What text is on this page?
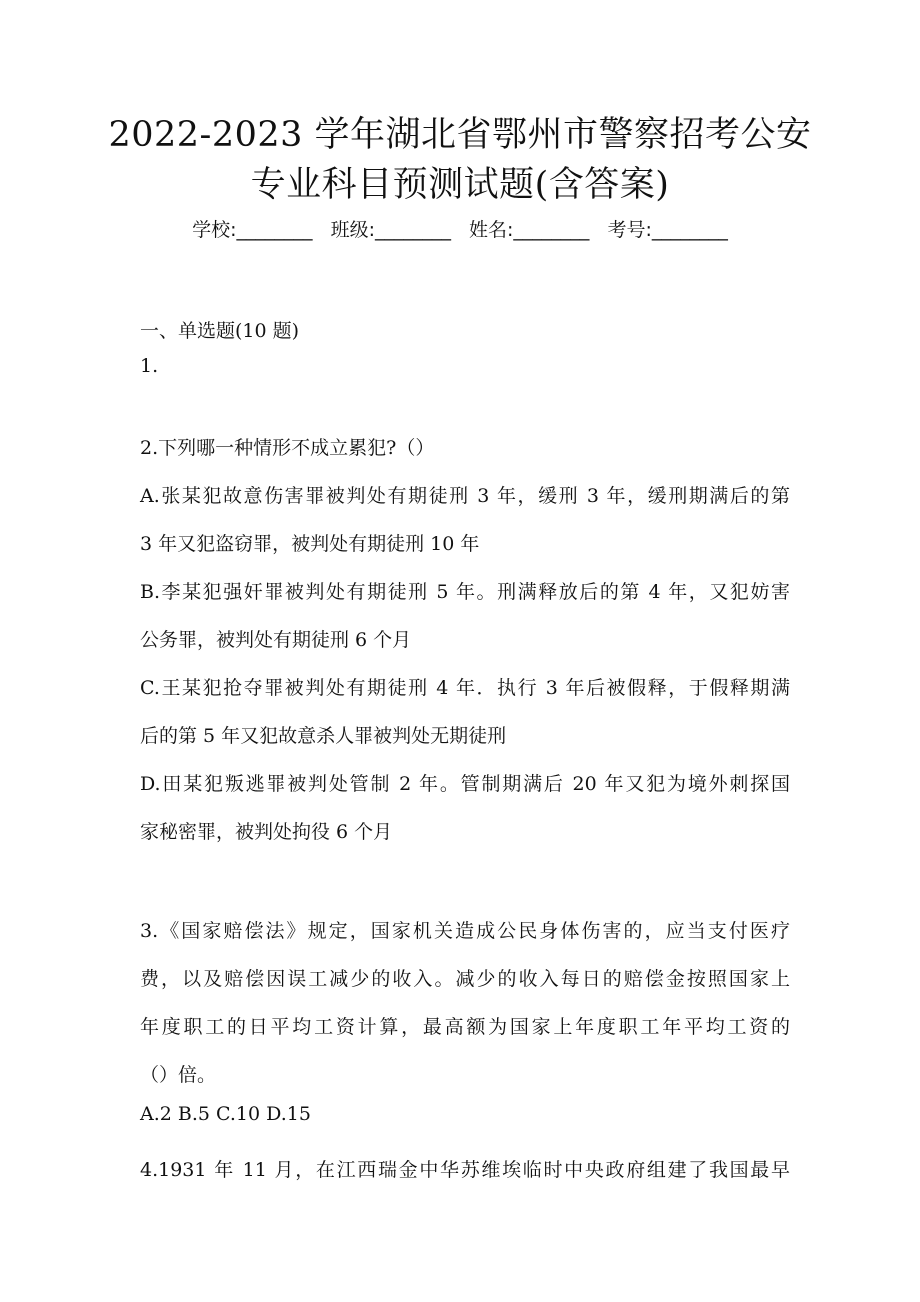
2022-2023 学年湖北省鄂州市警察招考公安
专业科目预测试题(含答案)
学校:________ 班级:________ 姓名:________ 考号:________
一、单选题(10 题)
1.
2.下列哪一种情形不成立累犯?（）
A.张某犯故意伤害罪被判处有期徒刑 3 年，缓刑 3 年，缓刑期满后的第
3 年又犯盗窃罪，被判处有期徒刑 10 年
B.李某犯强奸罪被判处有期徒刑 5 年。刑满释放后的第 4 年，又犯妨害
公务罪，被判处有期徒刑 6 个月
C.王某犯抢夺罪被判处有期徒刑 4 年．执行 3 年后被假释，于假释期满
后的第 5 年又犯故意杀人罪被判处无期徒刑
D.田某犯叛逃罪被判处管制 2 年。管制期满后 20 年又犯为境外刺探国
家秘密罪，被判处拘役 6 个月
3.《国家赔偿法》规定，国家机关造成公民身体伤害的，应当支付医疗
费，以及赔偿因误工减少的收入。减少的收入每日的赔偿金按照国家上
年度职工的日平均工资计算，最高额为国家上年度职工年平均工资的
（）倍。
A.2 B.5 C.10 D.15
4.1931 年 11 月，在江西瑞金中华苏维埃临时中央政府组建了我国最早
